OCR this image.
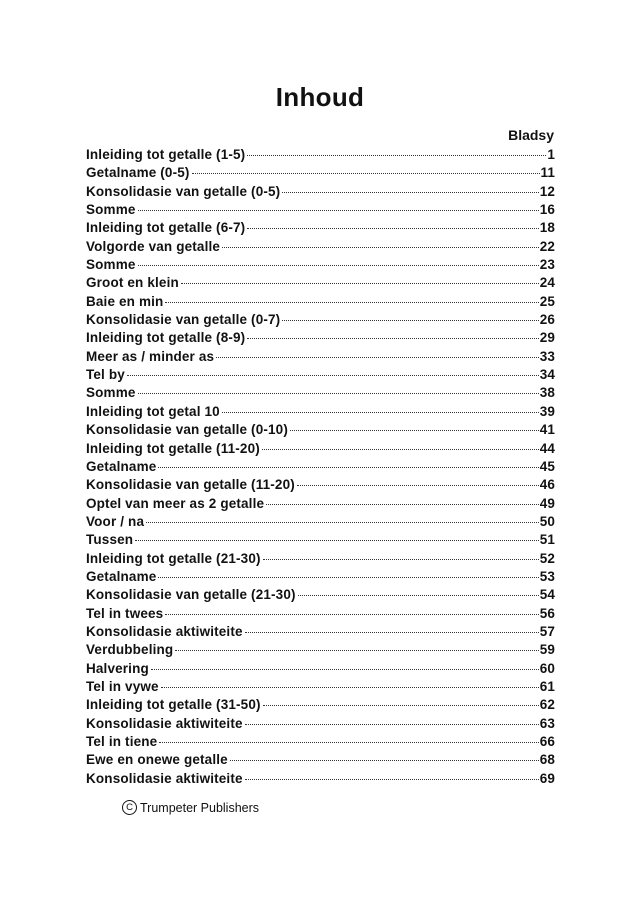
Inhoud
Bladsy
Inleiding tot getalle (1-5)	1
Getalname (0-5)	11
Konsolidasie van getalle (0-5)	12
Somme	16
Inleiding tot getalle (6-7)	18
Volgorde van getalle	22
Somme	23
Groot en klein	24
Baie en min	25
Konsolidasie van getalle (0-7)	26
Inleiding tot getalle (8-9)	29
Meer as / minder as	33
Tel by	34
Somme	38
Inleiding tot getal 10	39
Konsolidasie van getalle (0-10)	41
Inleiding tot getalle (11-20)	44
Getalname	45
Konsolidasie van getalle (11-20)	46
Optel van meer as 2 getalle	49
Voor / na	50
Tussen	51
Inleiding tot getalle (21-30)	52
Getalname	53
Konsolidasie van getalle (21-30)	54
Tel in twees	56
Konsolidasie aktiwiteite	57
Verdubbeling	59
Halvering	60
Tel in vywe	61
Inleiding tot getalle (31-50)	62
Konsolidasie aktiwiteite	63
Tel in tiene	66
Ewe en onewe getalle	68
Konsolidasie aktiwiteite	69
C Trumpeter Publishers
